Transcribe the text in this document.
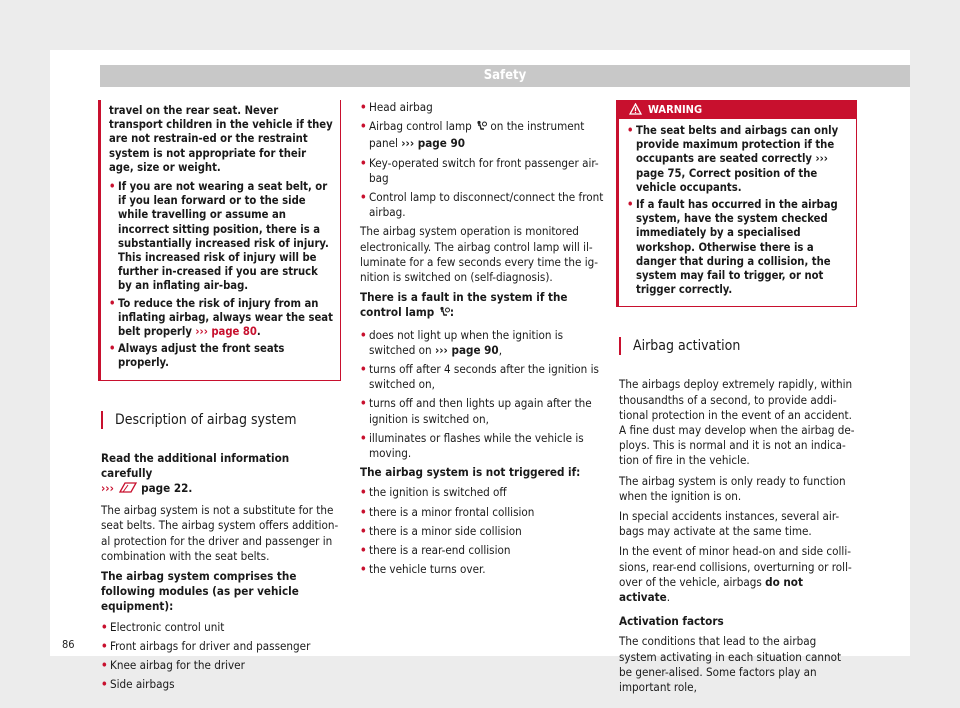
Safety

travel on the rear seat. Never transport children in the vehicle if they are not restrain-ed or the restraint system is not appropriate for their age, size or weight.

• If you are not wearing a seat belt, or if you lean forward or to the side while travelling or assume an incorrect sitting position, there is a substantially increased risk of injury. This increased risk of injury will be further in-creased if you are struck by an inflating air-bag.
• To reduce the risk of injury from an inflating airbag, always wear the seat belt properly ››› page 80.
• Always adjust the front seats properly.
Description of airbag system

Read the additional information carefully
››› page 22.

The airbag system is not a substitute for the seat belts. The airbag system offers addition-al protection for the driver and passenger in combination with the seat belts.

The airbag system comprises the following modules (as per vehicle equipment):

• Electronic control unit
• Front airbags for driver and passenger
• Knee airbag for the driver
• Side airbags
• Head airbag
• Airbag control lamp on the instrument panel ››› page 90
• Key-operated switch for front passenger air-bag
• Control lamp to disconnect/connect the front airbag.

The airbag system operation is monitored electronically. The airbag control lamp will il-luminate for a few seconds every time the ig-nition is switched on (self-diagnosis).

There is a fault in the system if the control lamp :

• does not light up when the ignition is switched on ››› page 90,
• turns off after 4 seconds after the ignition is switched on,
• turns off and then lights up again after the ignition is switched on,
• illuminates or flashes while the vehicle is moving.

The airbag system is not triggered if:

• the ignition is switched off
• there is a minor frontal collision
• there is a minor side collision
• there is a rear-end collision
• the vehicle turns over.
WARNING
• The seat belts and airbags can only provide maximum protection if the occupants are seated correctly ››› page 75, Correct position of the vehicle occupants.
• If a fault has occurred in the airbag system, have the system checked immediately by a specialised workshop. Otherwise there is a danger that during a collision, the system may fail to trigger, or not trigger correctly.
Airbag activation

The airbags deploy extremely rapidly, within thousandths of a second, to provide addi-tional protection in the event of an accident. A fine dust may develop when the airbag de-ploys. This is normal and it is not an indica-tion of fire in the vehicle.

The airbag system is only ready to function when the ignition is on.

In special accidents instances, several air-bags may activate at the same time.

In the event of minor head-on and side colli-sions, rear-end collisions, overturning or roll-over of the vehicle, airbags do not activate.

Activation factors

The conditions that lead to the airbag system activating in each situation cannot be gener-alised. Some factors play an important role,

86
